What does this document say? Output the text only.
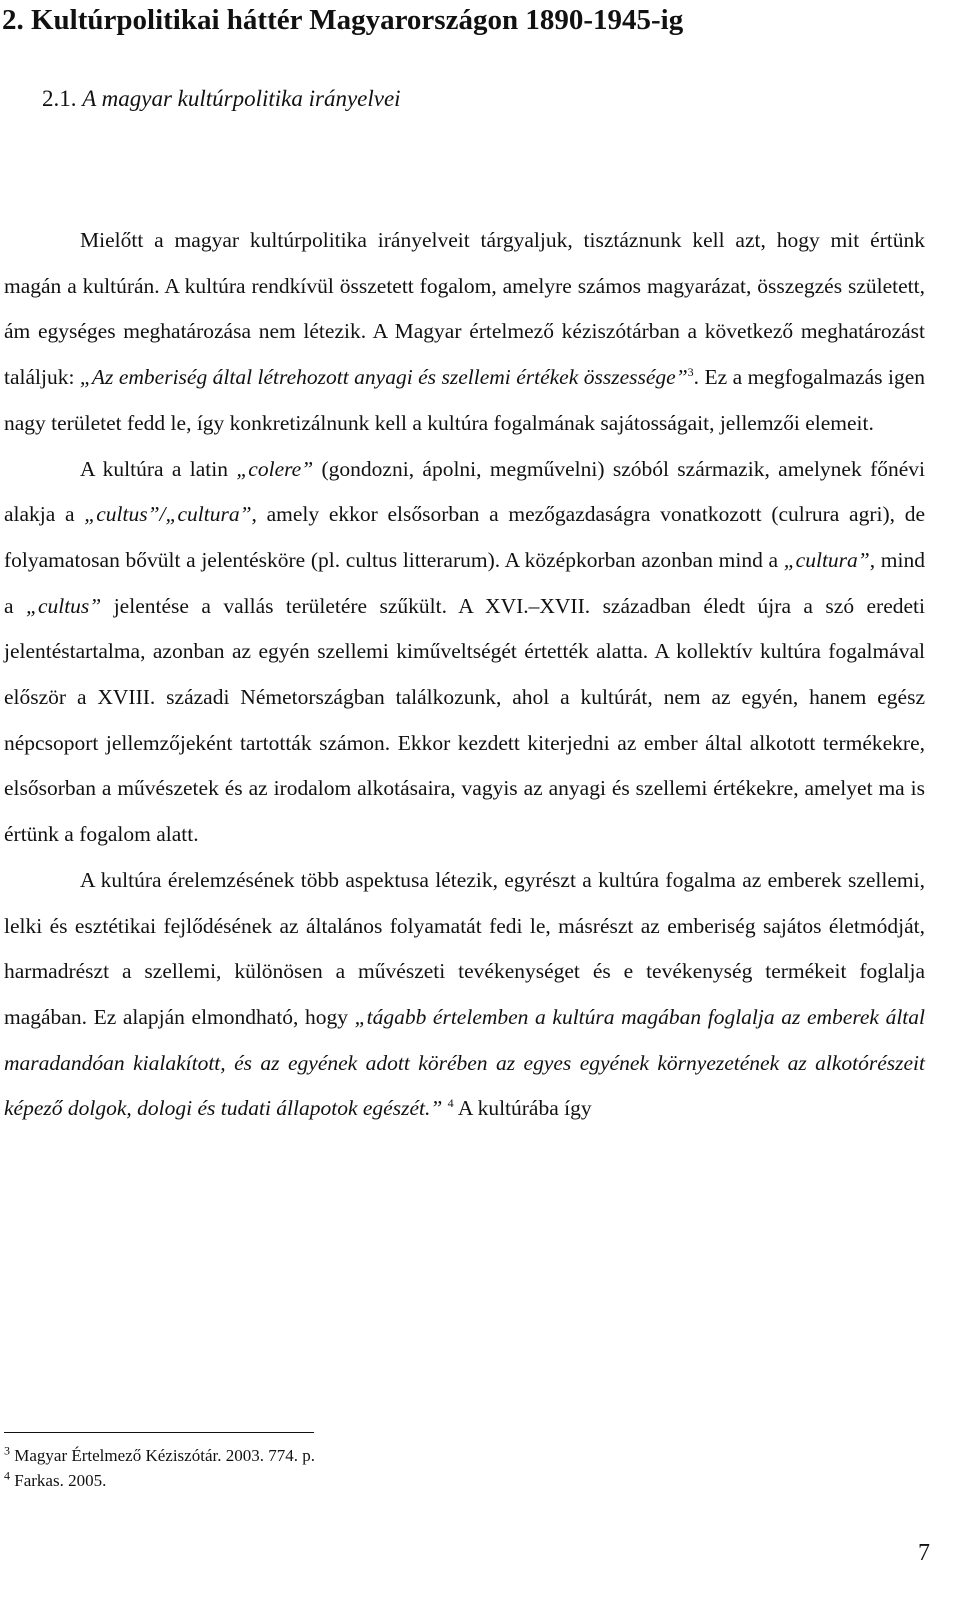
2. Kultúrpolitikai háttér Magyarországon 1890-1945-ig
2.1. A magyar kultúrpolitika irányelvei

Mielőtt a magyar kultúrpolitika irányelveit tárgyaljuk, tisztáznunk kell azt, hogy mit értünk magán a kultúrán. A kultúra rendkívül összetett fogalom, amelyre számos magyarázat, összegzés született, ám egységes meghatározása nem létezik. A Magyar értelmező kéziszótárban a következő meghatározást találjuk: „Az emberiség által létrehozott anyagi és szellemi értékek összessége”$^3$. Ez a megfogalmazás igen nagy területet fedd le, így konkretizálnunk kell a kultúra fogalmának sajátosságait, jellemzői elemeit.

A kultúra a latin „colere” (gondozni, ápolni, megművelni) szóból származik, amelynek főnévi alakja a „cultus”/„cultura”, amely ekkor elsősorban a mezőgazdaságra vonatkozott (culrura agri), de folyamatosan bővült a jelentésköre (pl. cultus litterarum). A középkorban azonban mind a „cultura”, mind a „cultus” jelentése a vallás területére szűkült. A XVI.–XVII. században éledt újra a szó eredeti jelentéstartalma, azonban az egyén szellemi kiműveltségét értették alatta. A kollektív kultúra fogalmával először a XVIII. századi Németországban találkozunk, ahol a kultúrát, nem az egyén, hanem egész népcsoport jellemzőjeként tartották számon. Ekkor kezdett kiterjedni az ember által alkotott termékekre, elsősorban a művészetek és az irodalom alkotásaira, vagyis az anyagi és szellemi értékekre, amelyet ma is értünk a fogalom alatt.

A kultúra érelemzésének több aspektusa létezik, egyrészt a kultúra fogalma az emberek szellemi, lelki és esztétikai fejlődésének az általános folyamatát fedi le, másrészt az emberiség sajátos életmódját, harmadrészt a szellemi, különösen a művészeti tevékenységet és e tevékenység termékeit foglalja magában. Ez alapján elmondható, hogy „tágabb értelemben a kultúra magában foglalja az emberek által maradandóan kialakított, és az egyének adott körében az egyes egyének környezetének az alkotórészeit képező dolgok, dologi és tudati állapotok egészét.” $^4$ A kultúrába így

$^3$ Magyar Értelmező Kéziszótár. 2003. 774. p.

$^4$ Farkas. 2005.

7
